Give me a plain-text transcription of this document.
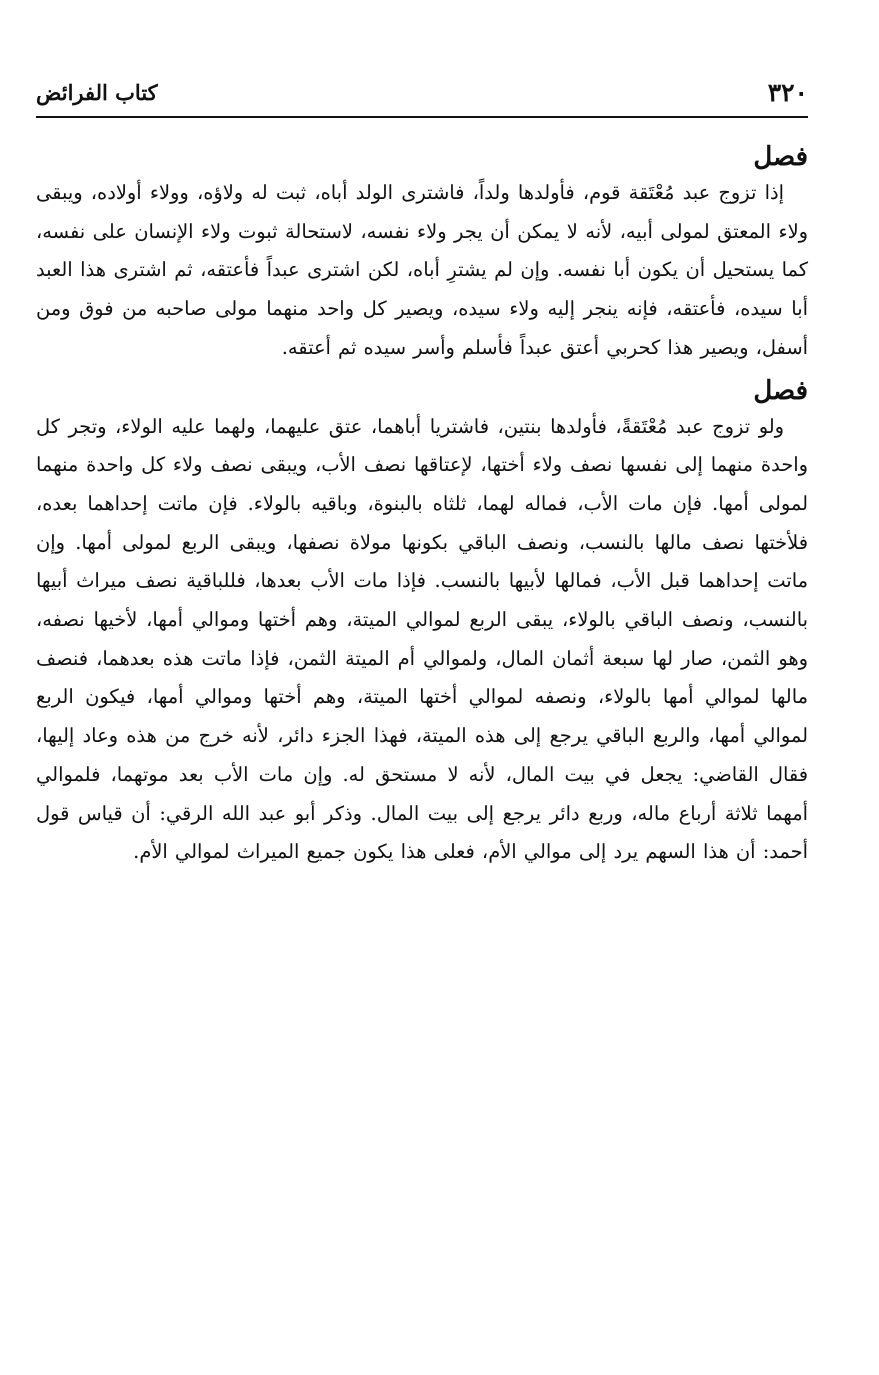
٣٢٠
كتاب الفرائض
فصل

إذا تزوج عبد مُعْتَقة قوم، فأولدها ولداً، فاشترى الولد أباه، ثبت له ولاؤه، وولاء أولاده، ويبقى ولاء المعتق لمولى أبيه، لأنه لا يمكن أن يجر ولاء نفسه، لاستحالة ثبوت ولاء الإنسان على نفسه، كما يستحيل أن يكون أبا نفسه. وإن لم يشترِ أباه، لكن اشترى عبداً فأعتقه، ثم اشترى هذا العبد أبا سيده، فأعتقه، فإنه ينجر إليه ولاء سيده، ويصير كل واحد منهما مولى صاحبه من فوق ومن أسفل، ويصير هذا كحربي أعتق عبداً فأسلم وأسر سيده ثم أعتقه.

فصل

ولو تزوج عبد مُعْتَقةً، فأولدها بنتين، فاشتريا أباهما، عتق عليهما، ولهما عليه الولاء، وتجر كل واحدة منهما إلى نفسها نصف ولاء أختها، لإعتاقها نصف الأب، ويبقى نصف ولاء كل واحدة منهما لمولى أمها. فإن مات الأب، فماله لهما، ثلثاه بالبنوة، وباقيه بالولاء. فإن ماتت إحداهما بعده، فلأختها نصف مالها بالنسب، ونصف الباقي بكونها مولاة نصفها، ويبقى الربع لمولى أمها. وإن ماتت إحداهما قبل الأب، فمالها لأبيها بالنسب. فإذا مات الأب بعدها، فللباقية نصف ميراث أبيها بالنسب، ونصف الباقي بالولاء، يبقى الربع لموالي الميتة، وهم أختها وموالي أمها، لأخيها نصفه، وهو الثمن، صار لها سبعة أثمان المال، ولموالي أم الميتة الثمن، فإذا ماتت هذه بعدهما، فنصف مالها لموالي أمها بالولاء، ونصفه لموالي أختها الميتة، وهم أختها وموالي أمها، فيكون الربع لموالي أمها، والربع الباقي يرجع إلى هذه الميتة، فهذا الجزء دائر، لأنه خرج من هذه وعاد إليها، فقال القاضي: يجعل في بيت المال، لأنه لا مستحق له. وإن مات الأب بعد موتهما، فلموالي أمهما ثلاثة أرباع ماله، وربع دائر يرجع إلى بيت المال. وذكر أبو عبد الله الرقي: أن قياس قول أحمد: أن هذا السهم يرد إلى موالي الأم، فعلى هذا يكون جميع الميراث لموالي الأم.
